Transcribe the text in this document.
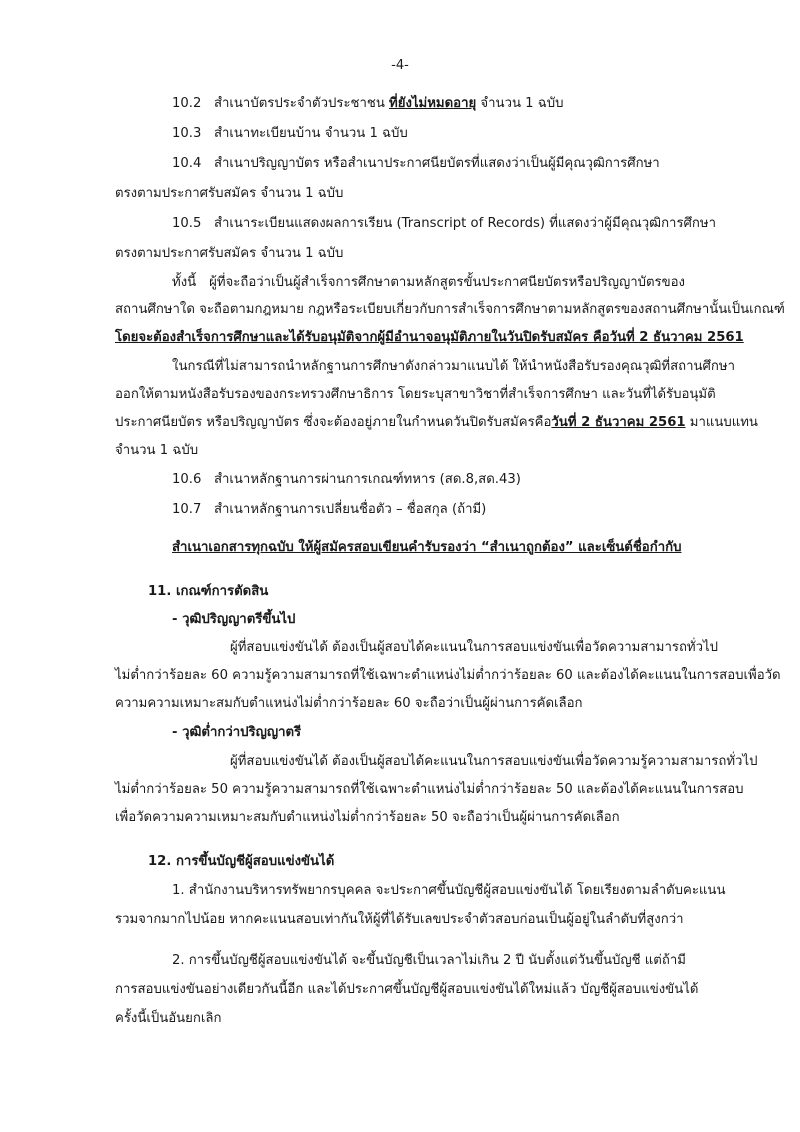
-4-
10.2 สำเนาบัตรประจำตัวประชาชน ที่ยังไม่หมดอายุ จำนวน 1 ฉบับ
10.3 สำเนาทะเบียนบ้าน จำนวน 1 ฉบับ
10.4 สำเนาปริญญาบัตร หรือสำเนาประกาศนียบัตรที่แสดงว่าเป็นผู้มีคุณวุฒิการศึกษา
ตรงตามประกาศรับสมัคร จำนวน 1 ฉบับ
10.5 สำเนาระเบียนแสดงผลการเรียน (Transcript of Records) ที่แสดงว่าผู้มีคุณวุฒิการศึกษา
ตรงตามประกาศรับสมัคร จำนวน 1 ฉบับ
ทั้งนี้ ผู้ที่จะถือว่าเป็นผู้สำเร็จการศึกษาตามหลักสูตรขั้นประกาศนียบัตรหรือปริญญาบัตรของ
สถานศึกษาใด จะถือตามกฎหมาย กฎหรือระเบียบเกี่ยวกับการสำเร็จการศึกษาตามหลักสูตรของสถานศึกษานั้นเป็นเกณฑ์
โดยจะต้องสำเร็จการศึกษาและได้รับอนุมัติจากผู้มีอำนาจอนุมัติภายในวันปิดรับสมัคร คือวันที่ 2 ธันวาคม 2561
ในกรณีที่ไม่สามารถนำหลักฐานการศึกษาดังกล่าวมาแนบได้ ให้นำหนังสือรับรองคุณวุฒิที่สถานศึกษา
ออกให้ตามหนังสือรับรองของกระทรวงศึกษาธิการ โดยระบุสาขาวิชาที่สำเร็จการศึกษา และวันที่ได้รับอนุมัติ
ประกาศนียบัตร หรือปริญญาบัตร ซึ่งจะต้องอยู่ภายในกำหนดวันปิดรับสมัครคือวันที่ 2 ธันวาคม 2561 มาแนบแทน
จำนวน 1 ฉบับ
10.6 สำเนาหลักฐานการผ่านการเกณฑ์ทหาร (สด.8,สด.43)
10.7 สำเนาหลักฐานการเปลี่ยนชื่อตัว – ชื่อสกุล (ถ้ามี)
สำเนาเอกสารทุกฉบับ ให้ผู้สมัครสอบเขียนคำรับรองว่า “สำเนาถูกต้อง” และเซ็นต์ชื่อกำกับ
11. เกณฑ์การตัดสิน
- วุฒิปริญญาตรีขึ้นไป
ผู้ที่สอบแข่งขันได้ ต้องเป็นผู้สอบได้คะแนนในการสอบแข่งขันเพื่อวัดความสามารถทั่วไป
ไม่ต่ำกว่าร้อยละ 60 ความรู้ความสามารถที่ใช้เฉพาะตำแหน่งไม่ต่ำกว่าร้อยละ 60 และต้องได้คะแนนในการสอบเพื่อวัด
ความความเหมาะสมกับตำแหน่งไม่ต่ำกว่าร้อยละ 60 จะถือว่าเป็นผู้ผ่านการคัดเลือก
- วุฒิต่ำกว่าปริญญาตรี
ผู้ที่สอบแข่งขันได้ ต้องเป็นผู้สอบได้คะแนนในการสอบแข่งขันเพื่อวัดความรู้ความสามารถทั่วไป
ไม่ต่ำกว่าร้อยละ 50 ความรู้ความสามารถที่ใช้เฉพาะตำแหน่งไม่ต่ำกว่าร้อยละ 50 และต้องได้คะแนนในการสอบ
เพื่อวัดความความเหมาะสมกับตำแหน่งไม่ต่ำกว่าร้อยละ 50 จะถือว่าเป็นผู้ผ่านการคัดเลือก
12. การขึ้นบัญชีผู้สอบแข่งขันได้
1. สำนักงานบริหารทรัพยากรบุคคล จะประกาศขึ้นบัญชีผู้สอบแข่งขันได้ โดยเรียงตามลำดับคะแนน
รวมจากมากไปน้อย หากคะแนนสอบเท่ากันให้ผู้ที่ได้รับเลขประจำตัวสอบก่อนเป็นผู้อยู่ในลำดับที่สูงกว่า
2. การขึ้นบัญชีผู้สอบแข่งขันได้ จะขึ้นบัญชีเป็นเวลาไม่เกิน 2 ปี นับตั้งแต่วันขึ้นบัญชี แต่ถ้ามี
การสอบแข่งขันอย่างเดียวกันนี้อีก และได้ประกาศขึ้นบัญชีผู้สอบแข่งขันได้ใหม่แล้ว บัญชีผู้สอบแข่งขันได้
ครั้งนี้เป็นอันยกเลิก
